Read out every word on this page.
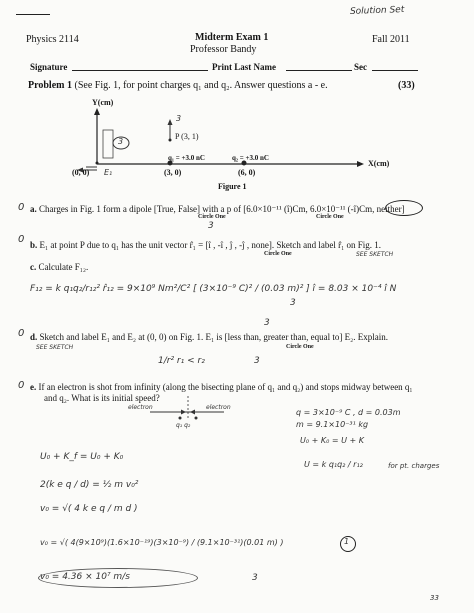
Solution Set
Physics 2114	Midterm Exam 1
Professor Bandy
Fall 2011
Signature	Print Last Name	Sec
Problem 1 (See Fig. 1, for point charges q₁ and q₂. Answer questions a - e.	(33)
Y(cm)
X(cm)
3
P (3, 1)
3
q₁ = +3.0 nC	q₂ = +3.0 nC
(0, 0) E₁	(3, 0)	(6, 0)
Figure 1
0 a. Charges in Fig. 1 form a dipole [True, False] with a p of [6.0×10⁻¹¹ (î)Cm, 6.0×10⁻¹¹ (-î)Cm, neither]
Circle One	Circle One
3
0 b. E₁ at point P due to q₁ has the unit vector r̂₁ = [î , -î , ĵ , -ĵ , none]. Sketch and label r̂₁ on Fig. 1.
Circle One	SEE SKETCH
c. Calculate F₁₂.
F₁₂ = k q₁q₂/r₁₂² r̂₁₂ = 9×10⁹ Nm²/C² [ (3×10⁻⁹ C)² / (0.03 m)² ] î = 8.03 × 10⁻⁴ î N
3
0
3
d. Sketch and label E₁ and E₂ at (0, 0) on Fig. 1. E₁ is [less than, greater than, equal to] E₂. Explain.
Circle One
SEE SKETCH
1/r² r₁ < r₂	3
0 e. If an electron is shot from infinity (along the bisecting plane of q₁ and q₂) and stops midway between q₁
and q₂. What is its initial speed?
electron	electron
q₁ q₂
q = 3×10⁻⁹ C , d = 0.03m
m = 9.1×10⁻³¹ kg
U₀ + K₀ = U + K
U = k q₁q₂ / r₁₂	for pt. charges
U₀ + K_f = U₀ + K₀
2(k e q / d) = ½ m v₀²
v₀ = √( 4 k e q / m d )
v₀ = √( 4(9×10⁹)(1.6×10⁻¹⁹)(3×10⁻⁹) / (9.1×10⁻³¹)(0.01 m) )	1
v₀ = 4.36 × 10⁷ m/s	3
33
